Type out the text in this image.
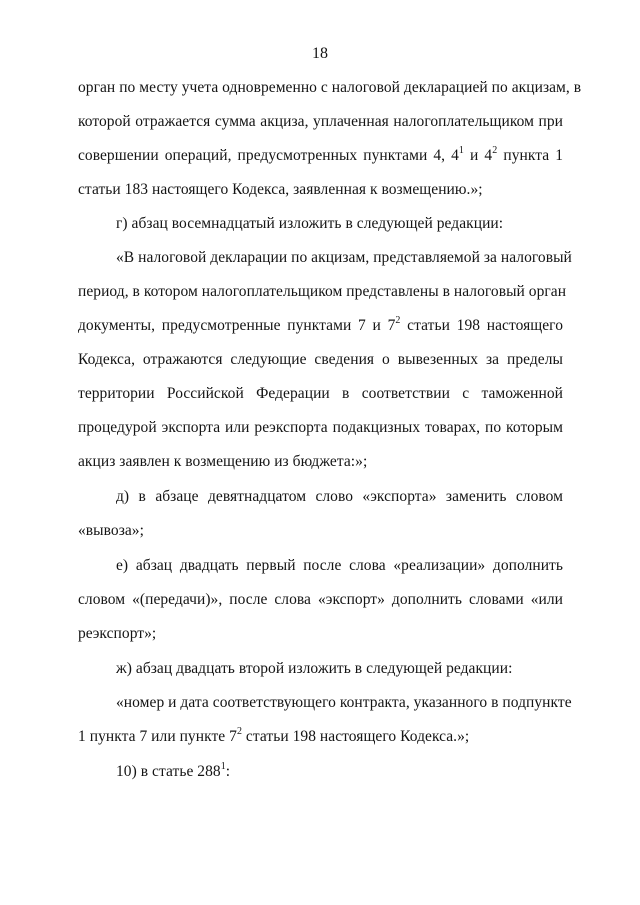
18
орган по месту учета одновременно с налоговой декларацией по акцизам, в
которой отражается сумма акциза, уплаченная налогоплательщиком при
совершении операций, предусмотренных пунктами 4, $4^1$ и $4^2$ пункта 1
статьи 183 настоящего Кодекса, заявленная к возмещению.»;
г) абзац восемнадцатый изложить в следующей редакции:
«В налоговой декларации по акцизам, представляемой за налоговый
период, в котором налогоплательщиком представлены в налоговый орган
документы, предусмотренные пунктами 7 и $7^2$ статьи 198 настоящего
Кодекса, отражаются следующие сведения о вывезенных за пределы
территории Российской Федерации в соответствии с таможенной
процедурой экспорта или реэкспорта подакцизных товарах, по которым
акциз заявлен к возмещению из бюджета:»;
д) в абзаце девятнадцатом слово «экспорта» заменить словом
«вывоза»;
е) абзац двадцать первый после слова «реализации» дополнить
словом «(передачи)», после слова «экспорт» дополнить словами «или
реэкспорт»;
ж) абзац двадцать второй изложить в следующей редакции:
«номер и дата соответствующего контракта, указанного в подпункте
1 пункта 7 или пункте $7^2$ статьи 198 настоящего Кодекса.»;
10) в статье $288^1$:
